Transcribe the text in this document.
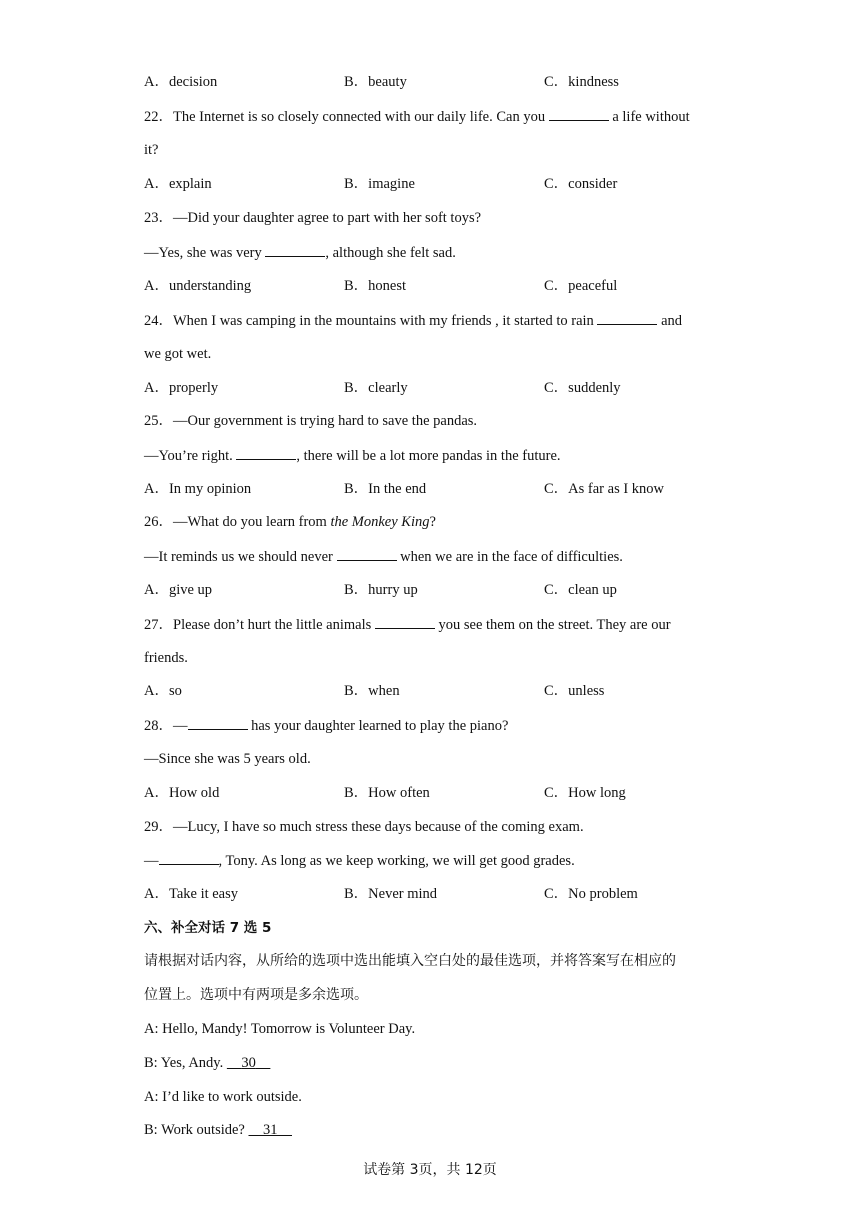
A．decision	B．beauty	C．kindness
22．The Internet is so closely connected with our daily life. Can you	a life without
it?
A．explain	B．imagine	C．consider
23．—Did your daughter agree to part with her soft toys?
—Yes, she was very	, although she felt sad.
A．understanding	B．honest	C．peaceful
24．When I was camping in the mountains with my friends , it started to rain	and
we got wet.
A．properly	B．clearly	C．suddenly
25．—Our government is trying hard to save the pandas.
—You’re right.	, there will be a lot more pandas in the future.
A．In my opinion	B．In the end	C．As far as I know
26．—What do you learn from the Monkey King?
—It reminds us we should never	when we are in the face of difficulties.
A．give up	B．hurry up	C．clean up
27．Please don’t hurt the little animals	you see them on the street. They are our
friends.
A．so	B．when	C．unless
28．—	has your daughter learned to play the piano?
—Since she was 5 years old.
A．How old	B．How often	C．How long
29．—Lucy, I have so much stress these days because of the coming exam.
—	, Tony. As long as we keep working, we will get good grades.
A．Take it easy	B．Never mind	C．No problem
六、补全对话 7 选 5
请根据对话内容，从所给的选项中选出能填入空白处的最佳选项，并将答案写在相应的
位置上。选项中有两项是多余选项。
A: Hello, Mandy! Tomorrow is Volunteer Day.
B: Yes, Andy.     30
A: I’d like to work outside.
B: Work outside?     31
试卷第 3页，共 12页
